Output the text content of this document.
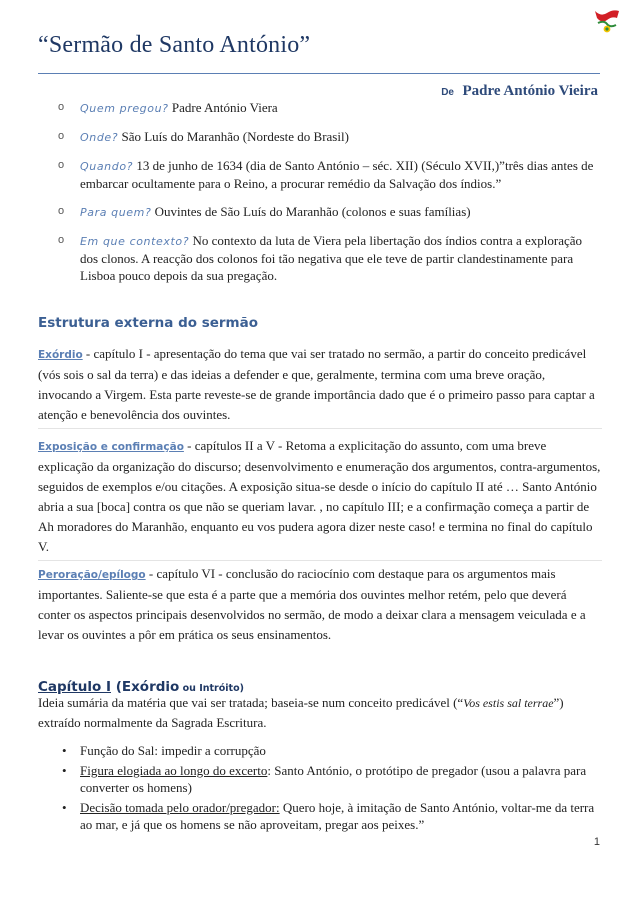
“Sermão de Santo António”
De Padre António Vieira
o Quem pregou? Padre António Viera
o Onde? São Luís do Maranhão (Nordeste do Brasil)
o Quando? 13 de junho de 1634 (dia de Santo António – séc. XII) (Século XVII,)”três dias antes de embarcar ocultamente para o Reino, a procurar remédio da Salvação dos índios.”
o Para quem? Ouvintes de São Luís do Maranhão (colonos e suas famílias)
o Em que contexto? No contexto da luta de Viera pela libertação dos índios contra a exploração dos clonos. A reacção dos colonos foi tão negativa que ele teve de partir clandestinamente para Lisboa pouco depois da sua pregação.
Estrutura externa do sermão
Exórdio - capítulo I - apresentação do tema que vai ser tratado no sermão, a partir do conceito predicável (vós sois o sal da terra) e das ideias a defender e que, geralmente, termina com uma breve oração, invocando a Virgem. Esta parte reveste-se de grande importância dado que é o primeiro passo para captar a atenção e benevolência dos ouvintes.
Exposição e confirmação - capítulos II a V - Retoma a explicitação do assunto, com uma breve explicação da organização do discurso; desenvolvimento e enumeração dos argumentos, contra-argumentos, seguidos de exemplos e/ou citações. A exposição situa-se desde o início do capítulo II até … Santo António abria a sua [boca] contra os que não se queriam lavar. , no capítulo III; e a confirmação começa a partir de Ah moradores do Maranhão, enquanto eu vos pudera agora dizer neste caso! e termina no final do capítulo V.
Peroração/epílogo - capítulo VI - conclusão do raciocínio com destaque para os argumentos mais importantes. Saliente-se que esta é a parte que a memória dos ouvintes melhor retém, pelo que deverá conter os aspectos principais desenvolvidos no sermão, de modo a deixar clara a mensagem veiculada e a levar os ouvintes a pôr em prática os seus ensinamentos.
Capítulo I (Exórdio ou Intróito)
Ideia sumária da matéria que vai ser tratada; baseia-se num conceito predicável (“Vos estis sal terrae”) extraído normalmente da Sagrada Escritura.
• Função do Sal: impedir a corrupção
• Figura elogiada ao longo do excerto: Santo António, o protótipo de pregador (usou a palavra para converter os homens)
• Decisão tomada pelo orador/pregador: Quero hoje, à imitação de Santo António, voltar-me da terra ao mar, e já que os homens se não aproveitam, pregar aos peixes.”
1
